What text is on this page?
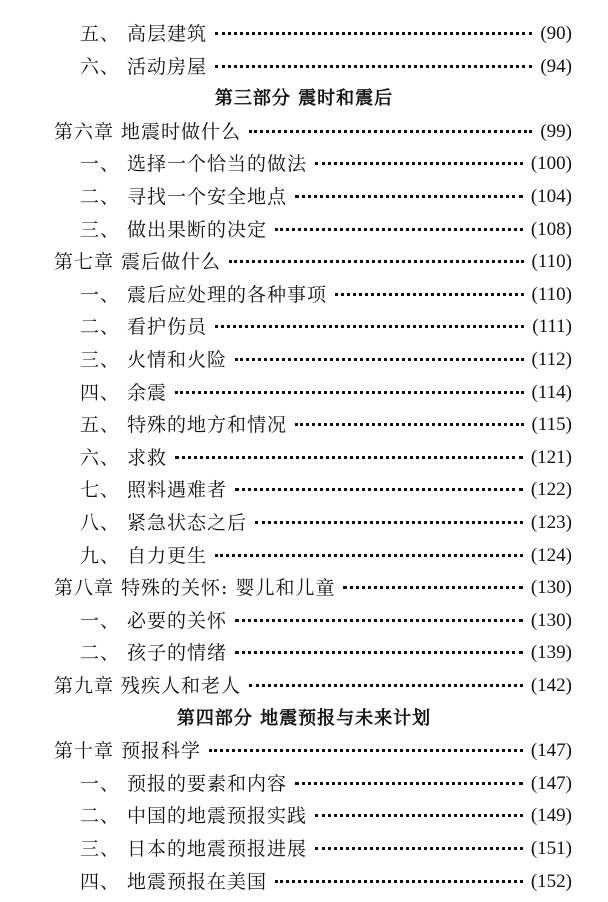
五、 高层建筑	(90)
六、 活动房屋	(94)
第三部分 震时和震后
第六章 地震时做什么	(99)
一、 选择一个恰当的做法	(100)
二、 寻找一个安全地点	(104)
三、 做出果断的决定	(108)
第七章 震后做什么	(110)
一、 震后应处理的各种事项	(110)
二、 看护伤员	(111)
三、 火情和火险	(112)
四、 余震	(114)
五、 特殊的地方和情况	(115)
六、 求救	(121)
七、 照料遇难者	(122)
八、 紧急状态之后	(123)
九、 自力更生	(124)
第八章 特殊的关怀: 婴儿和儿童	(130)
一、 必要的关怀	(130)
二、 孩子的情绪	(139)
第九章 残疾人和老人	(142)
第四部分 地震预报与未来计划
第十章 预报科学	(147)
一、 预报的要素和内容	(147)
二、 中国的地震预报实践	(149)
三、 日本的地震预报进展	(151)
四、 地震预报在美国	(152)
